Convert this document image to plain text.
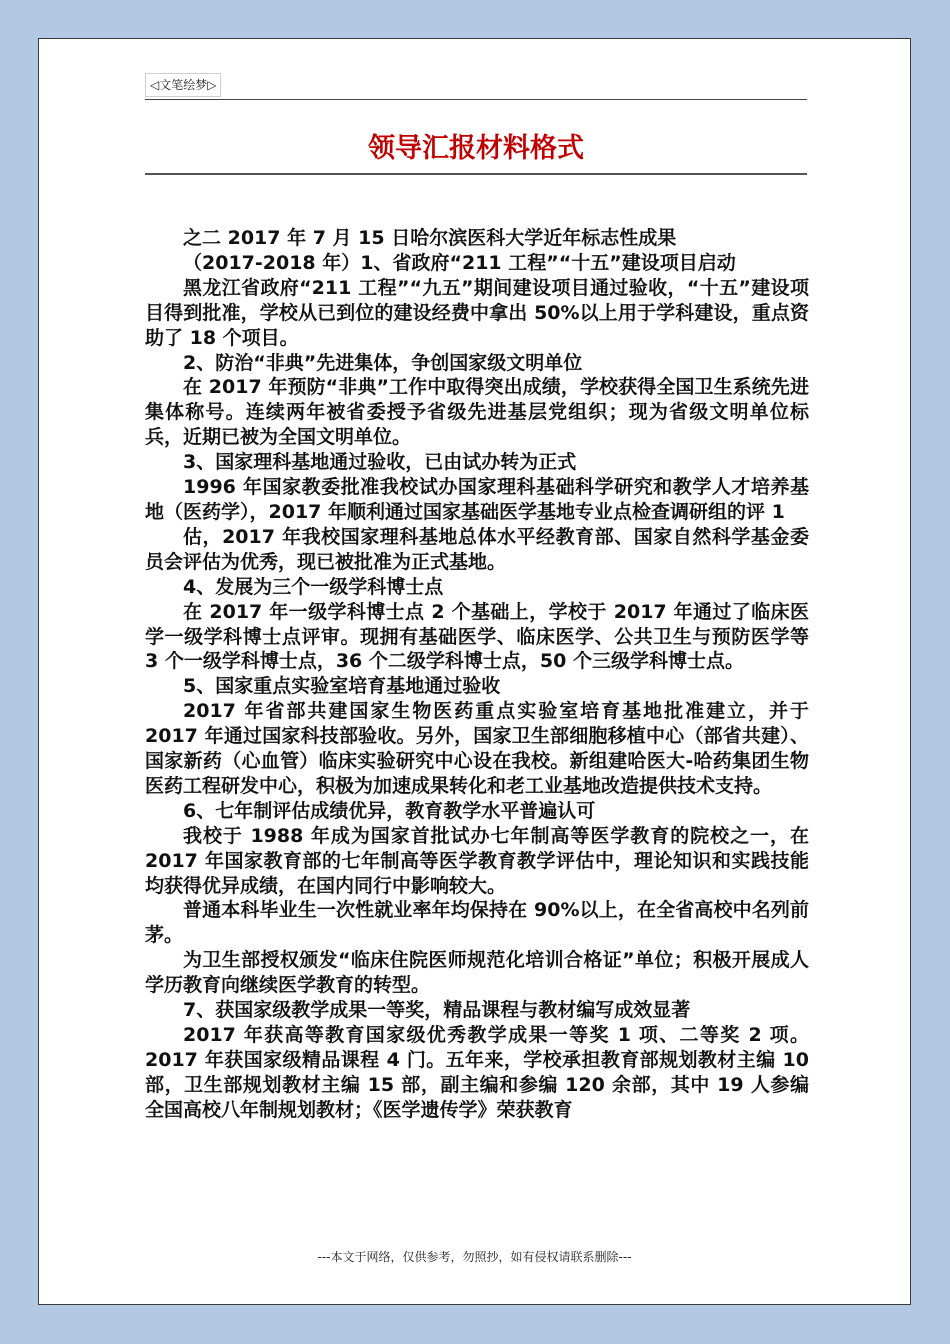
◁文笔绘梦▷
领导汇报材料格式

之二 2017 年 7 月 15 日哈尔滨医科大学近年标志性成果

（2017-2018 年）1、省政府“211 工程”“十五”建设项目启动

黑龙江省政府“211 工程”“九五”期间建设项目通过验收，“十五”建设项目得到批准，学校从已到位的建设经费中拿出 50%以上用于学科建设，重点资助了 18 个项目。

2、防治“非典”先进集体，争创国家级文明单位

在 2017 年预防“非典”工作中取得突出成绩，学校获得全国卫生系统先进集体称号。连续两年被省委授予省级先进基层党组织；现为省级文明单位标兵，近期已被为全国文明单位。

3、国家理科基地通过验收，已由试办转为正式

1996 年国家教委批准我校试办国家理科基础科学研究和教学人才培养基地（医药学），2017 年顺利通过国家基础医学基地专业点检查调研组的评 1

估，2017 年我校国家理科基地总体水平经教育部、国家自然科学基金委员会评估为优秀，现已被批准为正式基地。

4、发展为三个一级学科博士点

在 2017 年一级学科博士点 2 个基础上，学校于 2017 年通过了临床医学一级学科博士点评审。现拥有基础医学、临床医学、公共卫生与预防医学等 3 个一级学科博士点，36 个二级学科博士点，50 个三级学科博士点。

5、国家重点实验室培育基地通过验收

2017 年省部共建国家生物医药重点实验室培育基地批准建立，并于 2017 年通过国家科技部验收。另外，国家卫生部细胞移植中心（部省共建）、国家新药（心血管）临床实验研究中心设在我校。新组建哈医大-哈药集团生物医药工程研发中心，积极为加速成果转化和老工业基地改造提供技术支持。

6、七年制评估成绩优异，教育教学水平普遍认可

我校于 1988 年成为国家首批试办七年制高等医学教育的院校之一，在 2017 年国家教育部的七年制高等医学教育教学评估中，理论知识和实践技能均获得优异成绩，在国内同行中影响较大。

普通本科毕业生一次性就业率年均保持在 90%以上，在全省高校中名列前茅。

为卫生部授权颁发“临床住院医师规范化培训合格证”单位；积极开展成人学历教育向继续医学教育的转型。

7、获国家级教学成果一等奖，精品课程与教材编写成效显著

2017 年获高等教育国家级优秀教学成果一等奖 1 项、二等奖 2 项。2017 年获国家级精品课程 4 门。五年来，学校承担教育部规划教材主编 10 部，卫生部规划教材主编 15 部，副主编和参编 120 余部，其中 19 人参编全国高校八年制规划教材；《医学遗传学》荣获教育

---本文于网络，仅供参考，勿照抄，如有侵权请联系删除---
